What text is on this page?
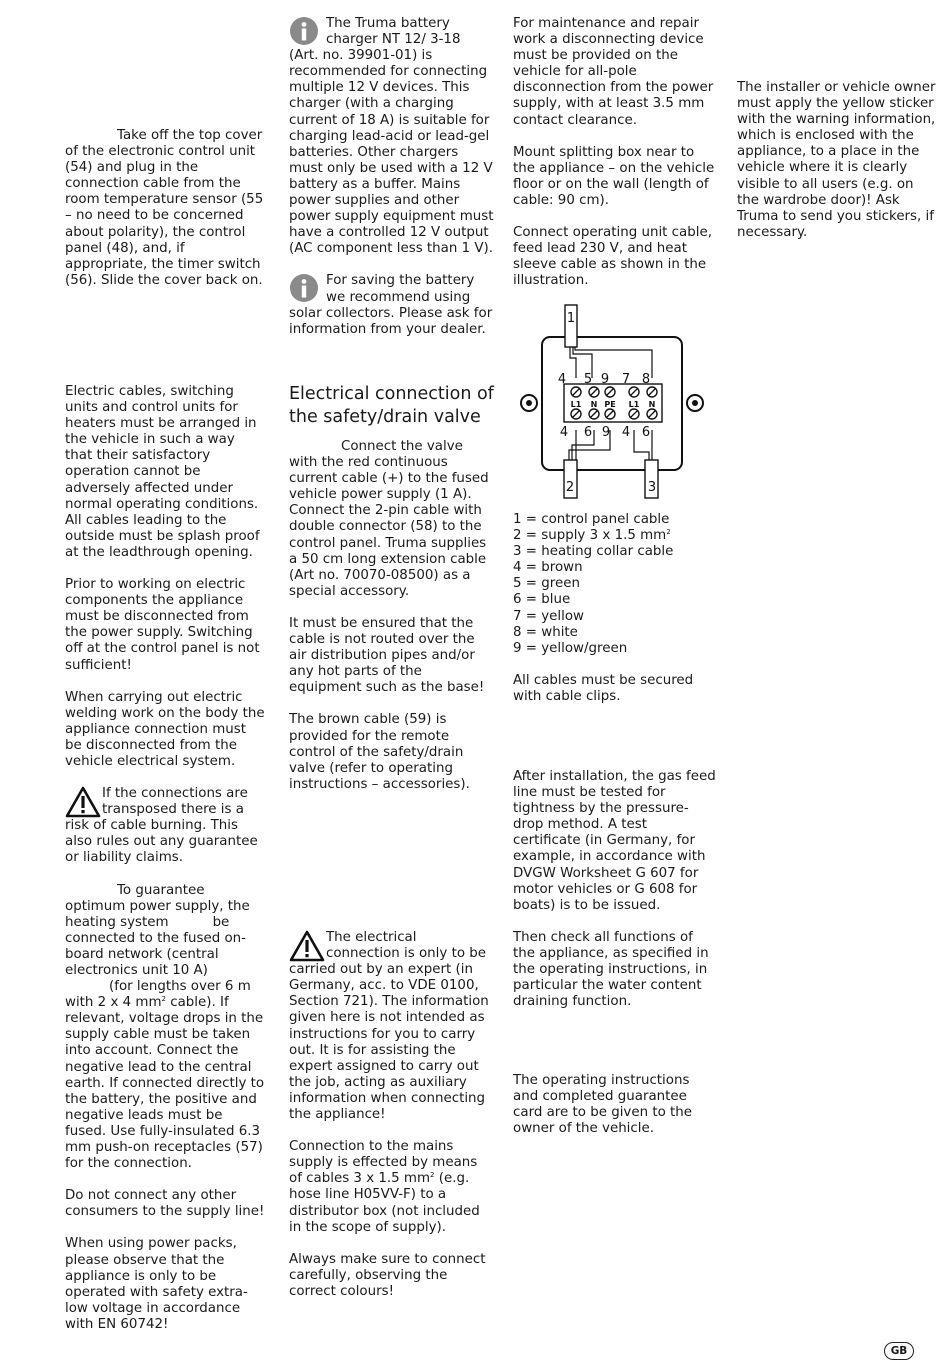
Take off the top cover of the electronic control unit (54) and plug in the connection cable from the room temperature sensor (55 – no need to be concerned about polarity), the control panel (48), and, if appropriate, the timer switch (56). Slide the cover back on.

Electric cables, switching units and control units for heaters must be arranged in the vehicle in such a way that their satisfactory operation cannot be adversely affected under normal operating conditions. All cables leading to the outside must be splash proof at the leadthrough opening.

Prior to working on electric components the appliance must be disconnected from the power supply. Switching off at the control panel is not sufficient!

When carrying out electric welding work on the body the appliance connection must be disconnected from the vehicle electrical system.

If the connections are transposed there is a risk of cable burning. This also rules out any guarantee or liability claims.

To guarantee optimum power supply, the heating system	be connected to the fused on-board network (central electronics unit 10 A)
(for lengths over 6 m with 2 x 4 $mm^2$ cable). If relevant, voltage drops in the supply cable must be taken into account. Connect the negative lead to the central earth. If connected directly to the battery, the positive and negative leads must be fused. Use fully-insulated 6.3 mm push-on receptacles (57) for the connection.

Do not connect any other consumers to the supply line!

When using power packs, please observe that the appliance is only to be operated with safety extra-low voltage in accordance with EN 60742!

The Truma battery charger NT 12/ 3-18 (Art. no. 39901-01) is recommended for connecting multiple 12 V devices. This charger (with a charging current of 18 A) is suitable for charging lead-acid or lead-gel batteries. Other chargers must only be used with a 12 V battery as a buffer. Mains power supplies and other power supply equipment must have a controlled 12 V output (AC component less than 1 V).

For saving the battery we recommend using solar collectors. Please ask for information from your dealer.

Electrical connection of the safety/drain valve

Connect the valve with the red continuous current cable (+) to the fused vehicle power supply (1 A). Connect the 2-pin cable with double connector (58) to the control panel. Truma supplies a 50 cm long extension cable (Art no. 70070-08500) as a special accessory.

It must be ensured that the cable is not routed over the air distribution pipes and/or any hot parts of the equipment such as the base!

The brown cable (59) is provided for the remote control of the safety/drain valve (refer to operating instructions – accessories).

The electrical connection is only to be carried out by an expert (in Germany, acc. to VDE 0100, Section 721). The information given here is not intended as instructions for you to carry out. It is for assisting the expert assigned to carry out the job, acting as auxiliary information when connecting the appliance!

Connection to the mains supply is effected by means of cables 3 x 1.5 $mm^2$ (e.g. hose line H05VV-F) to a distributor box (not included in the scope of supply).

Always make sure to connect carefully, observing the correct colours!

For maintenance and repair work a disconnecting device must be provided on the vehicle for all-pole disconnection from the power supply, with at least 3.5 mm contact clearance.

Mount splitting box near to the appliance – on the vehicle floor or on the wall (length of cable: 90 cm).

Connect operating unit cable, feed lead 230 V, and heat sleeve cable as shown in the illustration.

4 5 9 7 8
L1 N PE L1 N
4 6 9 4 6
1
2	3
1 = control panel cable
2 = supply 3 x 1.5 $mm^2$
3 = heating collar cable
4 = brown
5 = green
6 = blue
7 = yellow
8 = white
9 = yellow/green

All cables must be secured with cable clips.

After installation, the gas feed line must be tested for tightness by the pressure-drop method. A test certificate (in Germany, for example, in accordance with DVGW Worksheet G 607 for motor vehicles or G 608 for boats) is to be issued.

Then check all functions of the appliance, as specified in the operating instructions, in particular the water content draining function.

The operating instructions and completed guarantee card are to be given to the owner of the vehicle.

The installer or vehicle owner must apply the yellow sticker with the warning information, which is enclosed with the appliance, to a place in the vehicle where it is clearly visible to all users (e.g. on the wardrobe door)! Ask Truma to send you stickers, if necessary.

GB
